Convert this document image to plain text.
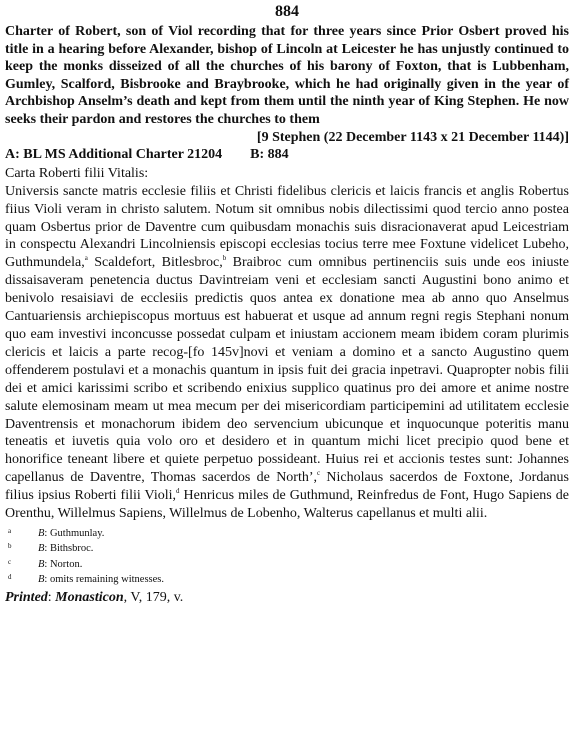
884

Charter of Robert, son of Viol recording that for three years since Prior Osbert proved his title in a hearing before Alexander, bishop of Lincoln at Leicester he has unjustly continued to keep the monks disseized of all the churches of his barony of Foxton, that is Lubbenham, Gumley, Scalford, Bisbrooke and Braybrooke, which he had originally given in the year of Archbishop Anselm’s death and kept from them until the ninth year of King Stephen. He now seeks their pardon and restores the churches to them

[9 Stephen (22 December 1143 x 21 December 1144)]

A: BL MS Additional Charter 21204 B: 884

Carta Roberti filii Vitalis:

Universis sancte matris ecclesie filiis et Christi fidelibus clericis et laicis francis et anglis Robertus fiius Violi veram in christo salutem. Notum sit omnibus nobis dilectissimi quod tercio anno postea quam Osbertus prior de Daventre cum quibusdam monachis suis disracionaverat apud Leicestriam in conspectu Alexandri Lincolniensis episcopi ecclesias tocius terre mee Foxtune videlicet Lubeho, Guthmundela,$^a$ Scaldefort, Bitlesbroc,$^b$ Braibroc cum omnibus pertinenciis suis unde eos iniuste dissaisaveram penetencia ductus Davintreiam veni et ecclesiam sancti Augustini bono animo et benivolo resaisiavi de ecclesiis predictis quos antea ex donatione mea ab anno quo Anselmus Cantuariensis archiepiscopus mortuus est habuerat et usque ad annum regni regis Stephani nonum quo eam investivi inconcusse possedat culpam et iniustam accionem meam ibidem coram plurimis clericis et laicis a parte recog-[fo 145v]novi et veniam a domino et a sancto Augustino quem offenderem postulavi et a monachis quantum in ipsis fuit dei gracia inpetravi. Quapropter nobis filii dei et amici karissimi scribo et scribendo enixius supplico quatinus pro dei amore et anime nostre salute elemosinam meam ut mea mecum per dei misericordiam participemini ad utilitatem ecclesie Daventrensis et monachorum ibidem deo servencium ubicunque et inquocunque poteritis manu teneatis et iuvetis quia volo oro et desidero et in quantum michi licet precipio quod bene et honorifice teneant libere et quiete perpetuo possideant. Huius rei et accionis testes sunt: Johannes capellanus de Daventre, Thomas sacerdos de North’,$^c$ Nicholaus sacerdos de Foxtone, Jordanus filius ipsius Roberti filii Violi,$^d$ Henricus miles de Guthmund, Reinfredus de Font, Hugo Sapiens de Orenthu, Willelmus Sapiens, Willelmus de Lobenho, Walterus capellanus et multi alii.

a	B: Guthmunlay.
b	B: Bithsbroc.
c	B: Norton.
d	B: omits remaining witnesses.
Printed: Monasticon, V, 179, v.
